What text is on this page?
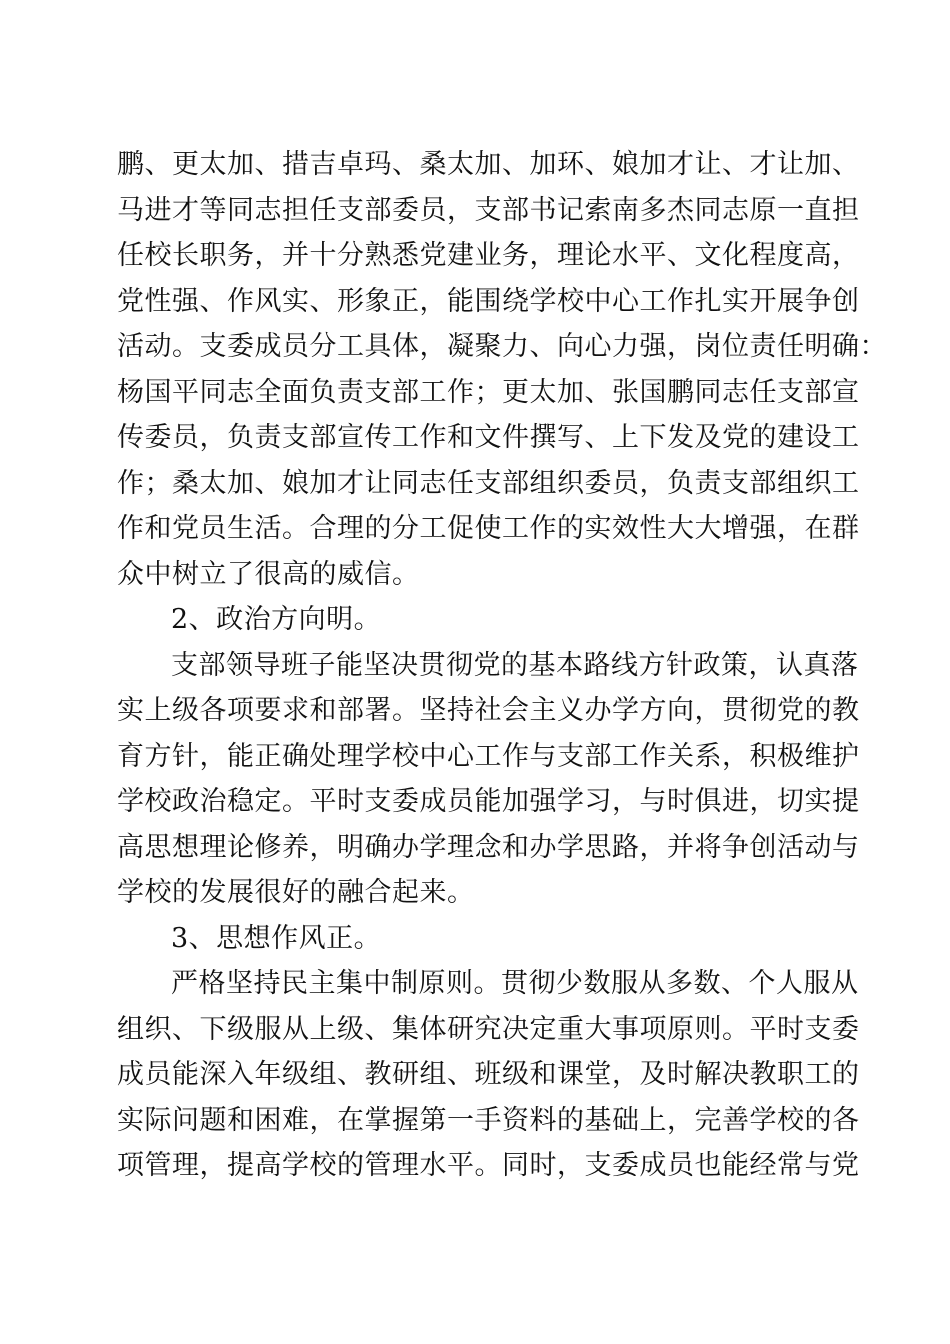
鹏、更太加、措吉卓玛、桑太加、加环、娘加才让、才让加、
马进才等同志担任支部委员，支部书记索南多杰同志原一直担
任校长职务，并十分熟悉党建业务，理论水平、文化程度高，
党性强、作风实、形象正，能围绕学校中心工作扎实开展争创
活动。支委成员分工具体，凝聚力、向心力强，岗位责任明确：
杨国平同志全面负责支部工作；更太加、张国鹏同志任支部宣
传委员，负责支部宣传工作和文件撰写、上下发及党的建设工
作；桑太加、娘加才让同志任支部组织委员，负责支部组织工
作和党员生活。合理的分工促使工作的实效性大大增强，在群
众中树立了很高的威信。
2、政治方向明。
支部领导班子能坚决贯彻党的基本路线方针政策，认真落
实上级各项要求和部署。坚持社会主义办学方向，贯彻党的教
育方针，能正确处理学校中心工作与支部工作关系，积极维护
学校政治稳定。平时支委成员能加强学习，与时俱进，切实提
高思想理论修养，明确办学理念和办学思路，并将争创活动与
学校的发展很好的融合起来。
3、思想作风正。
严格坚持民主集中制原则。贯彻少数服从多数、个人服从
组织、下级服从上级、集体研究决定重大事项原则。平时支委
成员能深入年级组、教研组、班级和课堂，及时解决教职工的
实际问题和困难，在掌握第一手资料的基础上，完善学校的各
项管理，提高学校的管理水平。同时，支委成员也能经常与党
